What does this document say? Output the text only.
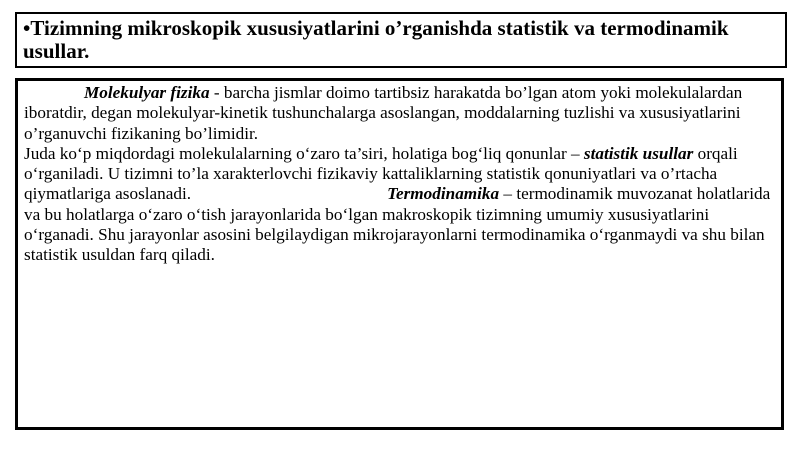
•Tizimning mikroskopik xususiyatlarini o’rganishda statistik va termodinamik usullar.

Molekulyar fizika - barcha jismlar doimo tartibsiz harakatda bo’lgan atom yoki molekulalardan iboratdir, degan molekulyar-kinetik tushunchalarga asoslangan, moddalarning tuzlishi va xususiyatlarini o’rganuvchi fizikaning bo’limidir.

Juda ko‘p miqdordagi molekulalarning o‘zaro ta’siri, holatiga bog‘liq qonunlar – statistik usullar orqali o‘rganiladi. U tizimni to’la xarakterlovchi fizikaviy kattaliklarning statistik qonuniyatlari va o’rtacha qiymatlariga asoslanadi.	Termodinamika – termodinamik muvozanat holatlarida va bu holatlarga o‘zaro o‘tish jarayonlarida bo‘lgan makroskopik tizimning umumiy xususiyatlarini o‘rganadi. Shu jarayonlar asosini belgilaydigan mikrojarayonlarni termodinamika o‘rganmaydi va shu bilan statistik usuldan farq qiladi.
